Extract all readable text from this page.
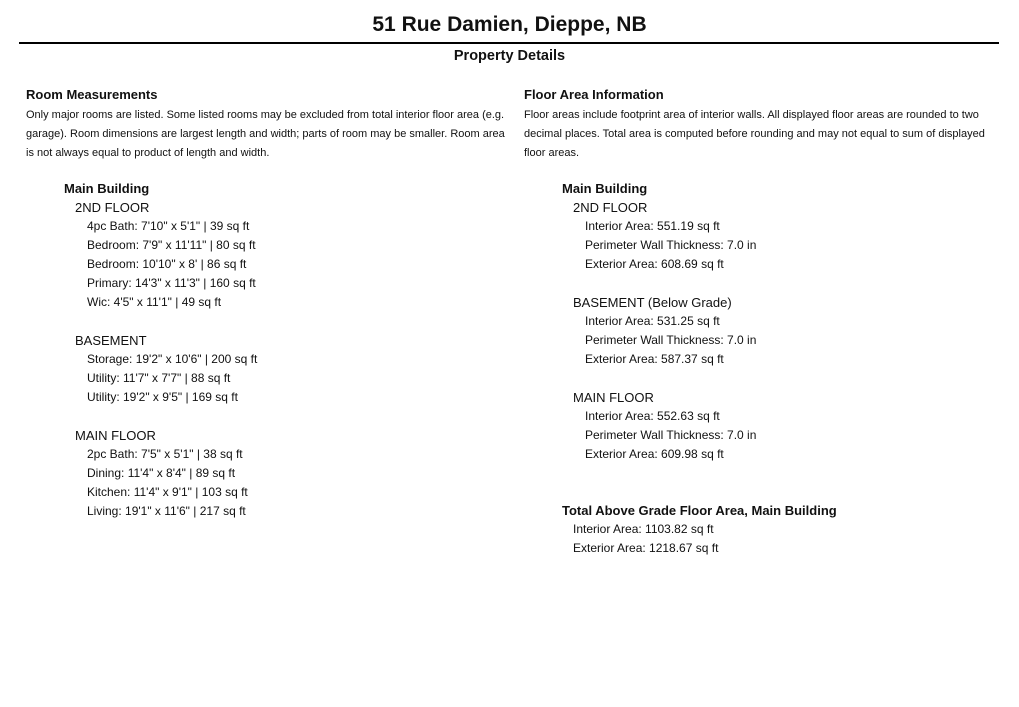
51 Rue Damien, Dieppe, NB
Property Details
Room Measurements

Only major rooms are listed. Some listed rooms may be excluded from total interior floor area (e.g. garage). Room dimensions are largest length and width; parts of room may be smaller. Room area is not always equal to product of length and width.

Main Building
2ND FLOOR
4pc Bath: 7'10" x 5'1" | 39 sq ft
Bedroom: 7'9" x 11'11" | 80 sq ft
Bedroom: 10'10" x 8' | 86 sq ft
Primary: 14'3" x 11'3" | 160 sq ft
Wic: 4'5" x 11'1" | 49 sq ft
BASEMENT
Storage: 19'2" x 10'6" | 200 sq ft
Utility: 11'7" x 7'7" | 88 sq ft
Utility: 19'2" x 9'5" | 169 sq ft
MAIN FLOOR
2pc Bath: 7'5" x 5'1" | 38 sq ft
Dining: 11'4" x 8'4" | 89 sq ft
Kitchen: 11'4" x 9'1" | 103 sq ft
Living: 19'1" x 11'6" | 217 sq ft
Floor Area Information

Floor areas include footprint area of interior walls. All displayed floor areas are rounded to two decimal places. Total area is computed before rounding and may not equal to sum of displayed floor areas.

Main Building
2ND FLOOR
Interior Area: 551.19 sq ft
Perimeter Wall Thickness: 7.0 in
Exterior Area: 608.69 sq ft
BASEMENT (Below Grade)
Interior Area: 531.25 sq ft
Perimeter Wall Thickness: 7.0 in
Exterior Area: 587.37 sq ft
MAIN FLOOR
Interior Area: 552.63 sq ft
Perimeter Wall Thickness: 7.0 in
Exterior Area: 609.98 sq ft
Total Above Grade Floor Area, Main Building
Interior Area: 1103.82 sq ft
Exterior Area: 1218.67 sq ft
